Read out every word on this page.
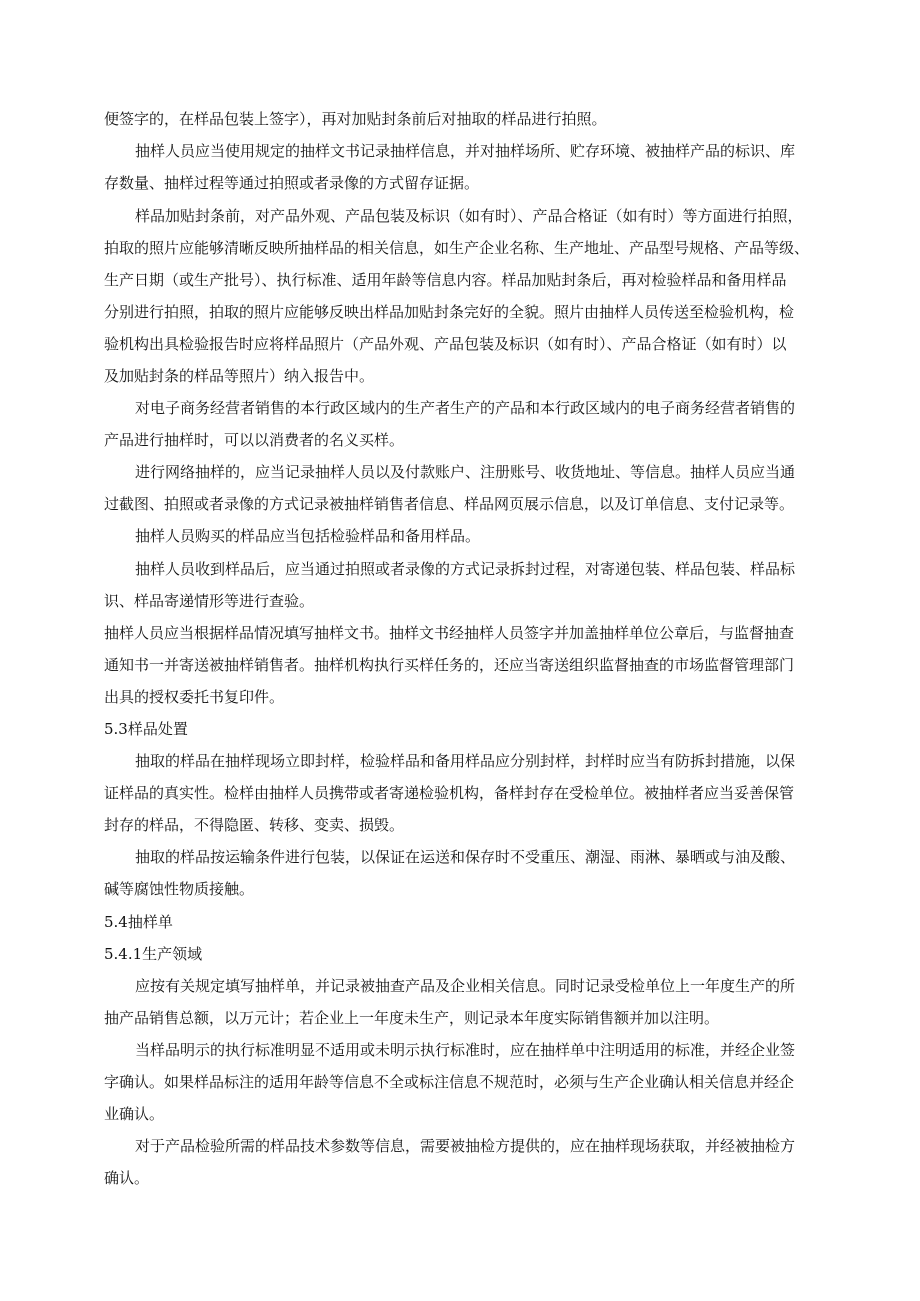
便签字的，在样品包装上签字），再对加贴封条前后对抽取的样品进行拍照。
抽样人员应当使用规定的抽样文书记录抽样信息，并对抽样场所、贮存环境、被抽样产品的标识、库
存数量、抽样过程等通过拍照或者录像的方式留存证据。
样品加贴封条前，对产品外观、产品包装及标识（如有时）、产品合格证（如有时）等方面进行拍照，
拍取的照片应能够清晰反映所抽样品的相关信息，如生产企业名称、生产地址、产品型号规格、产品等级、
生产日期（或生产批号）、执行标准、适用年龄等信息内容。样品加贴封条后，再对检验样品和备用样品
分别进行拍照，拍取的照片应能够反映出样品加贴封条完好的全貌。照片由抽样人员传送至检验机构，检
验机构出具检验报告时应将样品照片（产品外观、产品包装及标识（如有时）、产品合格证（如有时）以
及加贴封条的样品等照片）纳入报告中。
对电子商务经营者销售的本行政区域内的生产者生产的产品和本行政区域内的电子商务经营者销售的
产品进行抽样时，可以以消费者的名义买样。
进行网络抽样的，应当记录抽样人员以及付款账户、注册账号、收货地址、等信息。抽样人员应当通
过截图、拍照或者录像的方式记录被抽样销售者信息、样品网页展示信息，以及订单信息、支付记录等。
抽样人员购买的样品应当包括检验样品和备用样品。
抽样人员收到样品后，应当通过拍照或者录像的方式记录拆封过程，对寄递包装、样品包装、样品标
识、样品寄递情形等进行查验。
抽样人员应当根据样品情况填写抽样文书。抽样文书经抽样人员签字并加盖抽样单位公章后，与监督抽查
通知书一并寄送被抽样销售者。抽样机构执行买样任务的，还应当寄送组织监督抽查的市场监督管理部门
出具的授权委托书复印件。
5.3样品处置
抽取的样品在抽样现场立即封样，检验样品和备用样品应分别封样，封样时应当有防拆封措施，以保
证样品的真实性。检样由抽样人员携带或者寄递检验机构，备样封存在受检单位。被抽样者应当妥善保管
封存的样品，不得隐匿、转移、变卖、损毁。
抽取的样品按运输条件进行包装，以保证在运送和保存时不受重压、潮湿、雨淋、暴晒或与油及酸、
碱等腐蚀性物质接触。
5.4抽样单
5.4.1生产领域
应按有关规定填写抽样单，并记录被抽查产品及企业相关信息。同时记录受检单位上一年度生产的所
抽产品销售总额，以万元计；若企业上一年度未生产，则记录本年度实际销售额并加以注明。
当样品明示的执行标准明显不适用或未明示执行标准时，应在抽样单中注明适用的标准，并经企业签
字确认。如果样品标注的适用年龄等信息不全或标注信息不规范时，必须与生产企业确认相关信息并经企
业确认。
对于产品检验所需的样品技术参数等信息，需要被抽检方提供的，应在抽样现场获取，并经被抽检方
确认。
